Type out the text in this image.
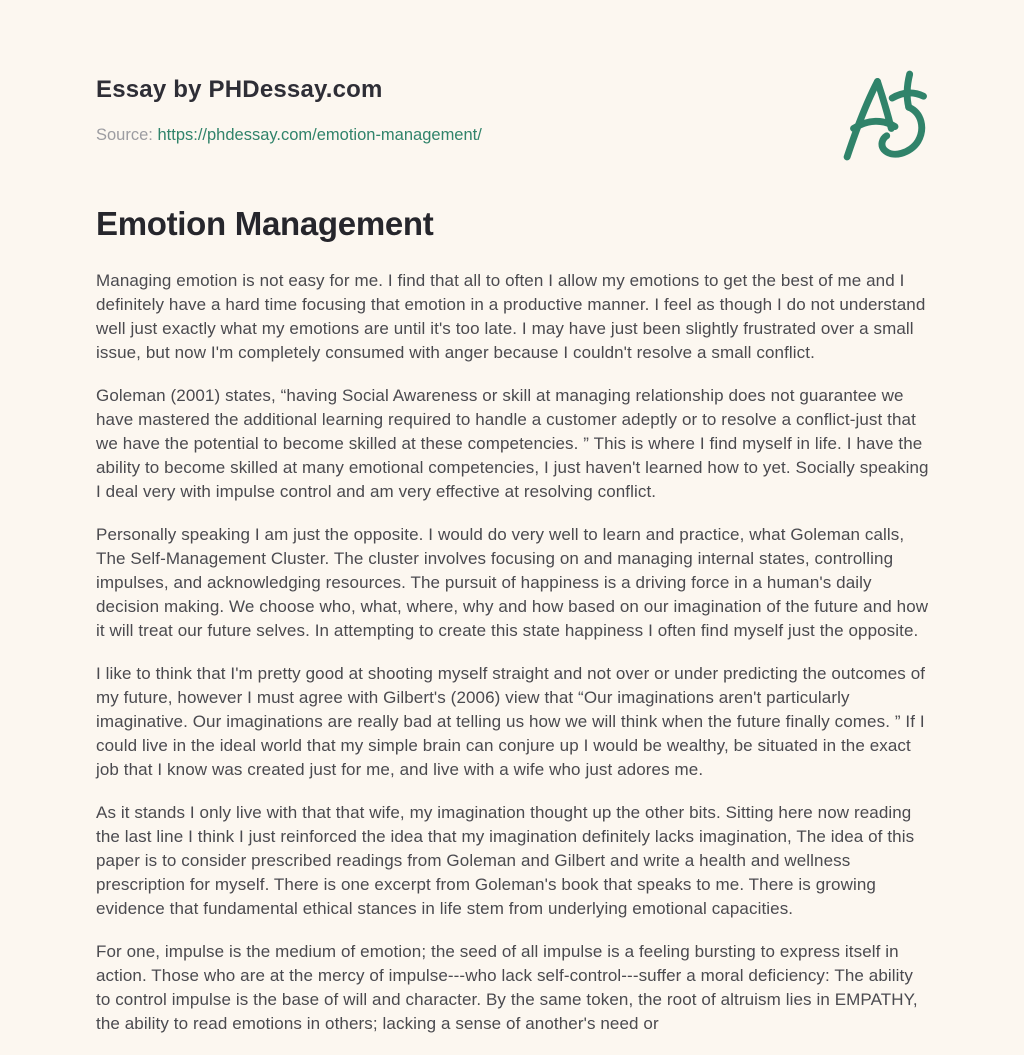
Essay by PHDessay.com

Source: https://phdessay.com/emotion-management/

Emotion Management

Managing emotion is not easy for me. I find that all to often I allow my emotions to get the best of me and I definitely have a hard time focusing that emotion in a productive manner. I feel as though I do not understand well just exactly what my emotions are until it's too late. I may have just been slightly frustrated over a small issue, but now I'm completely consumed with anger because I couldn't resolve a small conflict.

Goleman (2001) states, “having Social Awareness or skill at managing relationship does not guarantee we have mastered the additional learning required to handle a customer adeptly or to resolve a conflict-just that we have the potential to become skilled at these competencies. ” This is where I find myself in life. I have the ability to become skilled at many emotional competencies, I just haven't learned how to yet. Socially speaking I deal very with impulse control and am very effective at resolving conflict.

Personally speaking I am just the opposite. I would do very well to learn and practice, what Goleman calls, The Self-Management Cluster. The cluster involves focusing on and managing internal states, controlling impulses, and acknowledging resources. The pursuit of happiness is a driving force in a human's daily decision making. We choose who, what, where, why and how based on our imagination of the future and how it will treat our future selves. In attempting to create this state happiness I often find myself just the opposite.

I like to think that I'm pretty good at shooting myself straight and not over or under predicting the outcomes of my future, however I must agree with Gilbert's (2006) view that “Our imaginations aren't particularly imaginative. Our imaginations are really bad at telling us how we will think when the future finally comes. ” If I could live in the ideal world that my simple brain can conjure up I would be wealthy, be situated in the exact job that I know was created just for me, and live with a wife who just adores me.

As it stands I only live with that that wife, my imagination thought up the other bits. Sitting here now reading the last line I think I just reinforced the idea that my imagination definitely lacks imagination, The idea of this paper is to consider prescribed readings from Goleman and Gilbert and write a health and wellness prescription for myself. There is one excerpt from Goleman's book that speaks to me. There is growing evidence that fundamental ethical stances in life stem from underlying emotional capacities.

For one, impulse is the medium of emotion; the seed of all impulse is a feeling bursting to express itself in action. Those who are at the mercy of impulse---who lack self-control---suffer a moral deficiency: The ability to control impulse is the base of will and character. By the same token, the root of altruism lies in EMPATHY, the ability to read emotions in others; lacking a sense of another's need or
